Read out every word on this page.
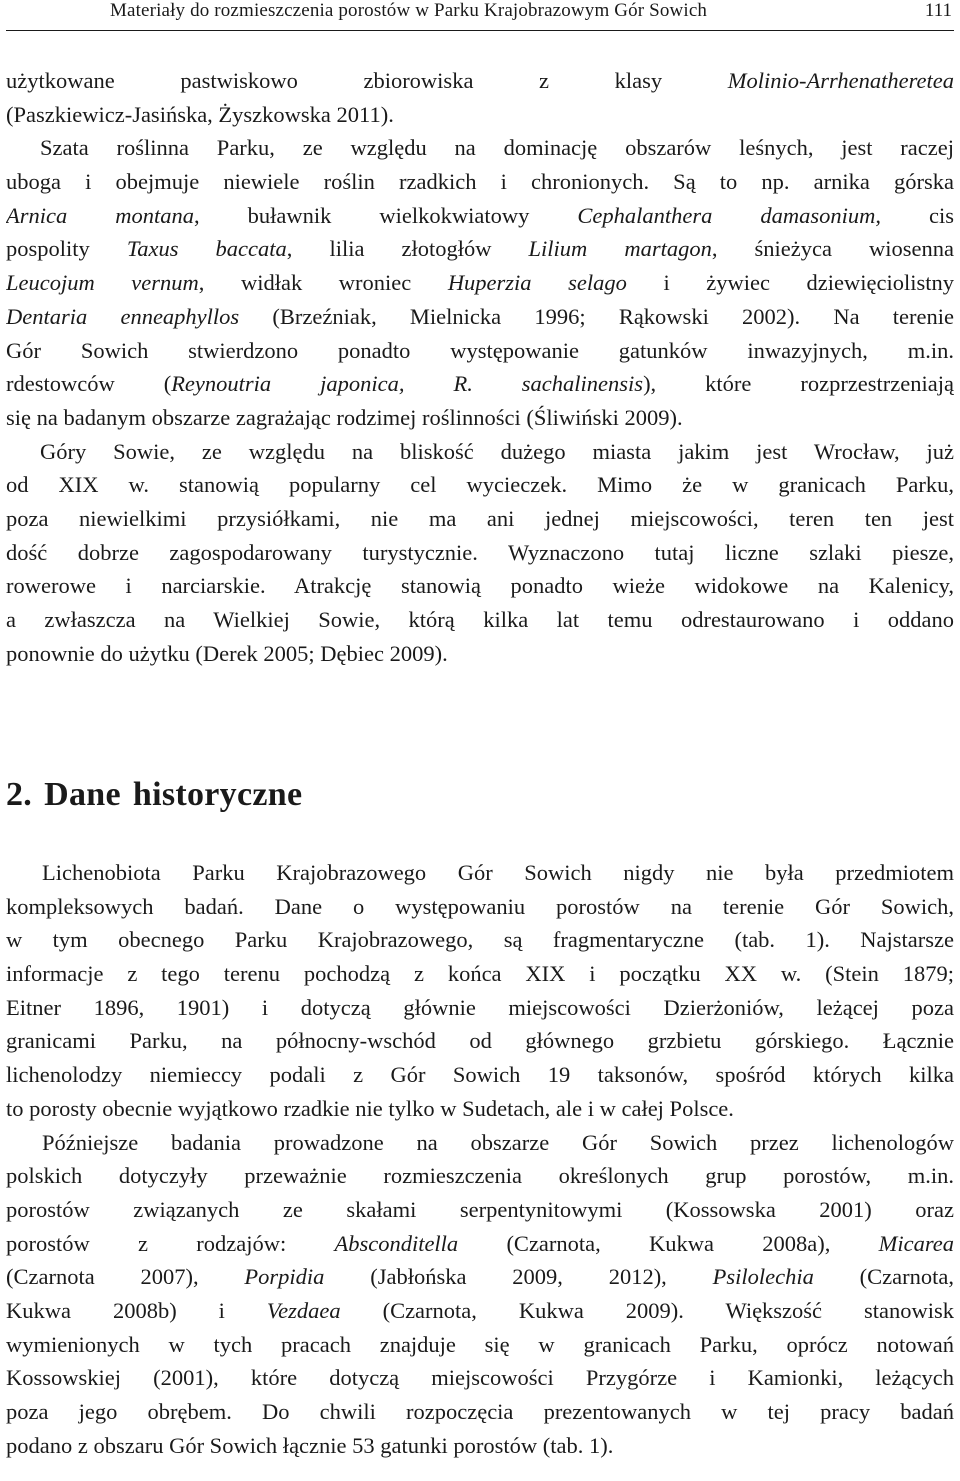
Materiały do rozmieszczenia porostów w Parku Krajobrazowym Gór Sowich	111
użytkowane pastwiskowo zbiorowiska z klasy Molinio-Arrhenatheretea
(Paszkiewicz-Jasińska, Żyszkowska 2011).
Szata roślinna Parku, ze względu na dominację obszarów leśnych, jest raczej
uboga i obejmuje niewiele roślin rzadkich i chronionych. Są to np. arnika górska
Arnica montana, buławnik wielkokwiatowy Cephalanthera damasonium, cis
pospolity Taxus baccata, lilia złotogłów Lilium martagon, śnieżyca wiosenna
Leucojum vernum, widłak wroniec Huperzia selago i żywiec dziewięciolistny
Dentaria enneaphyllos (Brzeźniak, Mielnicka 1996; Rąkowski 2002). Na terenie
Gór Sowich stwierdzono ponadto występowanie gatunków inwazyjnych, m.in.
rdestowców (Reynoutria japonica, R. sachalinensis), które rozprzestrzeniają
się na badanym obszarze zagrażając rodzimej roślinności (Śliwiński 2009).
Góry Sowie, ze względu na bliskość dużego miasta jakim jest Wrocław, już
od XIX w. stanowią popularny cel wycieczek. Mimo że w granicach Parku,
poza niewielkimi przysiółkami, nie ma ani jednej miejscowości, teren ten jest
dość dobrze zagospodarowany turystycznie. Wyznaczono tutaj liczne szlaki piesze,
rowerowe i narciarskie. Atrakcję stanowią ponadto wieże widokowe na Kalenicy,
a zwłaszcza na Wielkiej Sowie, którą kilka lat temu odrestaurowano i oddano
ponownie do użytku (Derek 2005; Dębiec 2009).
2. Dane historyczne
Lichenobiota Parku Krajobrazowego Gór Sowich nigdy nie była przedmiotem
kompleksowych badań. Dane o występowaniu porostów na terenie Gór Sowich,
w tym obecnego Parku Krajobrazowego, są fragmentaryczne (tab. 1). Najstarsze
informacje z tego terenu pochodzą z końca XIX i początku XX w. (Stein 1879;
Eitner 1896, 1901) i dotyczą głównie miejscowości Dzierżoniów, leżącej poza
granicami Parku, na północny-wschód od głównego grzbietu górskiego. Łącznie
lichenolodzy niemieccy podali z Gór Sowich 19 taksonów, spośród których kilka
to porosty obecnie wyjątkowo rzadkie nie tylko w Sudetach, ale i w całej Polsce.
Późniejsze badania prowadzone na obszarze Gór Sowich przez lichenologów
polskich dotyczyły przeważnie rozmieszczenia określonych grup porostów, m.in.
porostów związanych ze skałami serpentynitowymi (Kossowska 2001) oraz
porostów z rodzajów: Absconditella (Czarnota, Kukwa 2008a), Micarea
(Czarnota 2007), Porpidia (Jabłońska 2009, 2012), Psilolechia (Czarnota,
Kukwa 2008b) i Vezdaea (Czarnota, Kukwa 2009). Większość stanowisk
wymienionych w tych pracach znajduje się w granicach Parku, oprócz notowań
Kossowskiej (2001), które dotyczą miejscowości Przygórze i Kamionki, leżących
poza jego obrębem. Do chwili rozpoczęcia prezentowanych w tej pracy badań
podano z obszaru Gór Sowich łącznie 53 gatunki porostów (tab. 1).
